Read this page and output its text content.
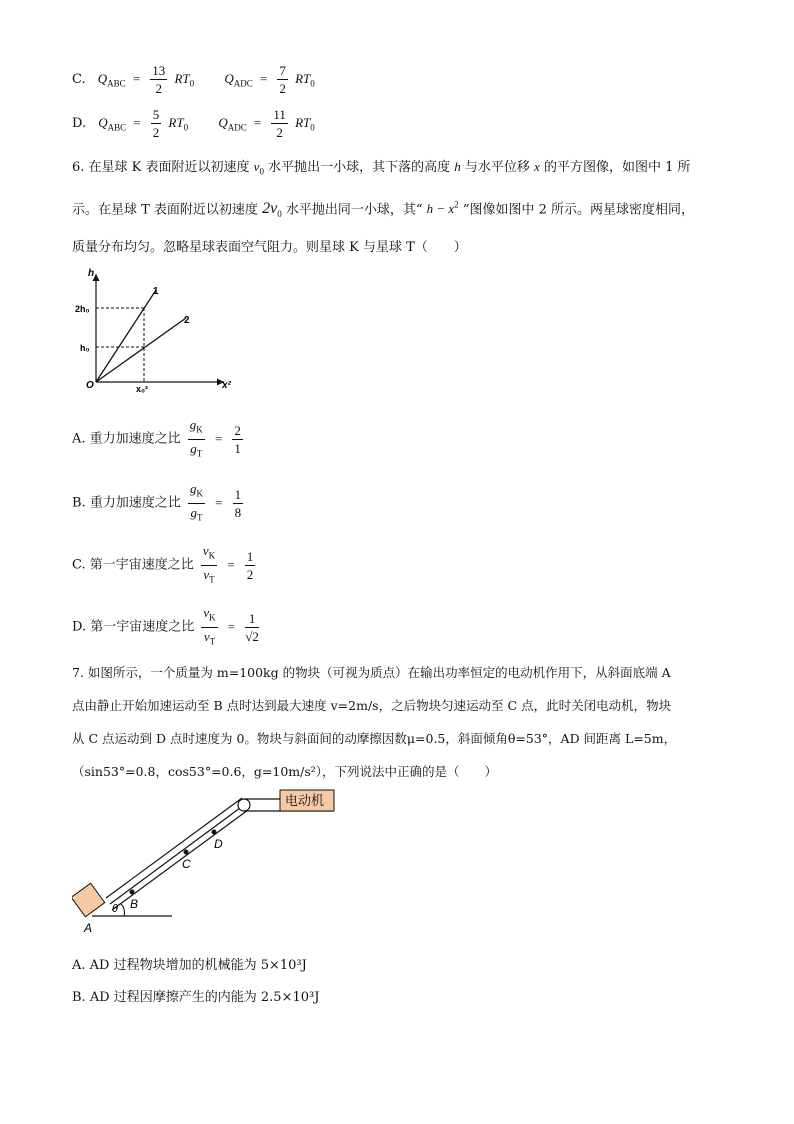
C. $Q_{ABC} = \frac{13}{2} RT_0$ $Q_{ADC} = \frac{7}{2} RT_0$
D. $Q_{ABC} = \frac{5}{2} RT_0$ $Q_{ADC} = \frac{11}{2} RT_0$
6. 在星球 K 表面附近以初速度 $v_0$ 水平抛出一小球，其下落的高度 h 与水平位移 x 的平方图像，如图中 1 所
示。在星球 T 表面附近以初速度 $2v_0$ 水平抛出同一小球，其“ $h - x^2$ ”图像如图中 2 所示。两星球密度相同，
质量分布均匀。忽略星球表面空气阻力。则星球 K 与星球 T（　　）
h
x²
O
2h₀
h₀
x₀²
1
2
A. 重力加速度之比 $\frac{g_K}{g_T} = \frac{2}{1}$
B. 重力加速度之比 $\frac{g_K}{g_T} = \frac{1}{8}$
C. 第一宇宙速度之比 $\frac{v_K}{v_T} = \frac{1}{2}$
D. 第一宇宙速度之比 $\frac{v_K}{v_T} = \frac{1}{√2}$
7. 如图所示，一个质量为 m=100kg 的物块（可视为质点）在输出功率恒定的电动机作用下，从斜面底端 A
点由静止开始加速运动至 B 点时达到最大速度 v=2m/s，之后物块匀速运动至 C 点，此时关闭电动机，物块
从 C 点运动到 D 点时速度为 0。物块与斜面间的动摩擦因数μ=0.5，斜面倾角θ=53°，AD 间距离 L=5m，
（sin53°=0.8，cos53°=0.6，g=10m/s²），下列说法中正确的是（　　）
电动机
θ B
C
D
A
A. AD 过程物块增加的机械能为 5×10³J
B. AD 过程因摩擦产生的内能为 2.5×10³J
